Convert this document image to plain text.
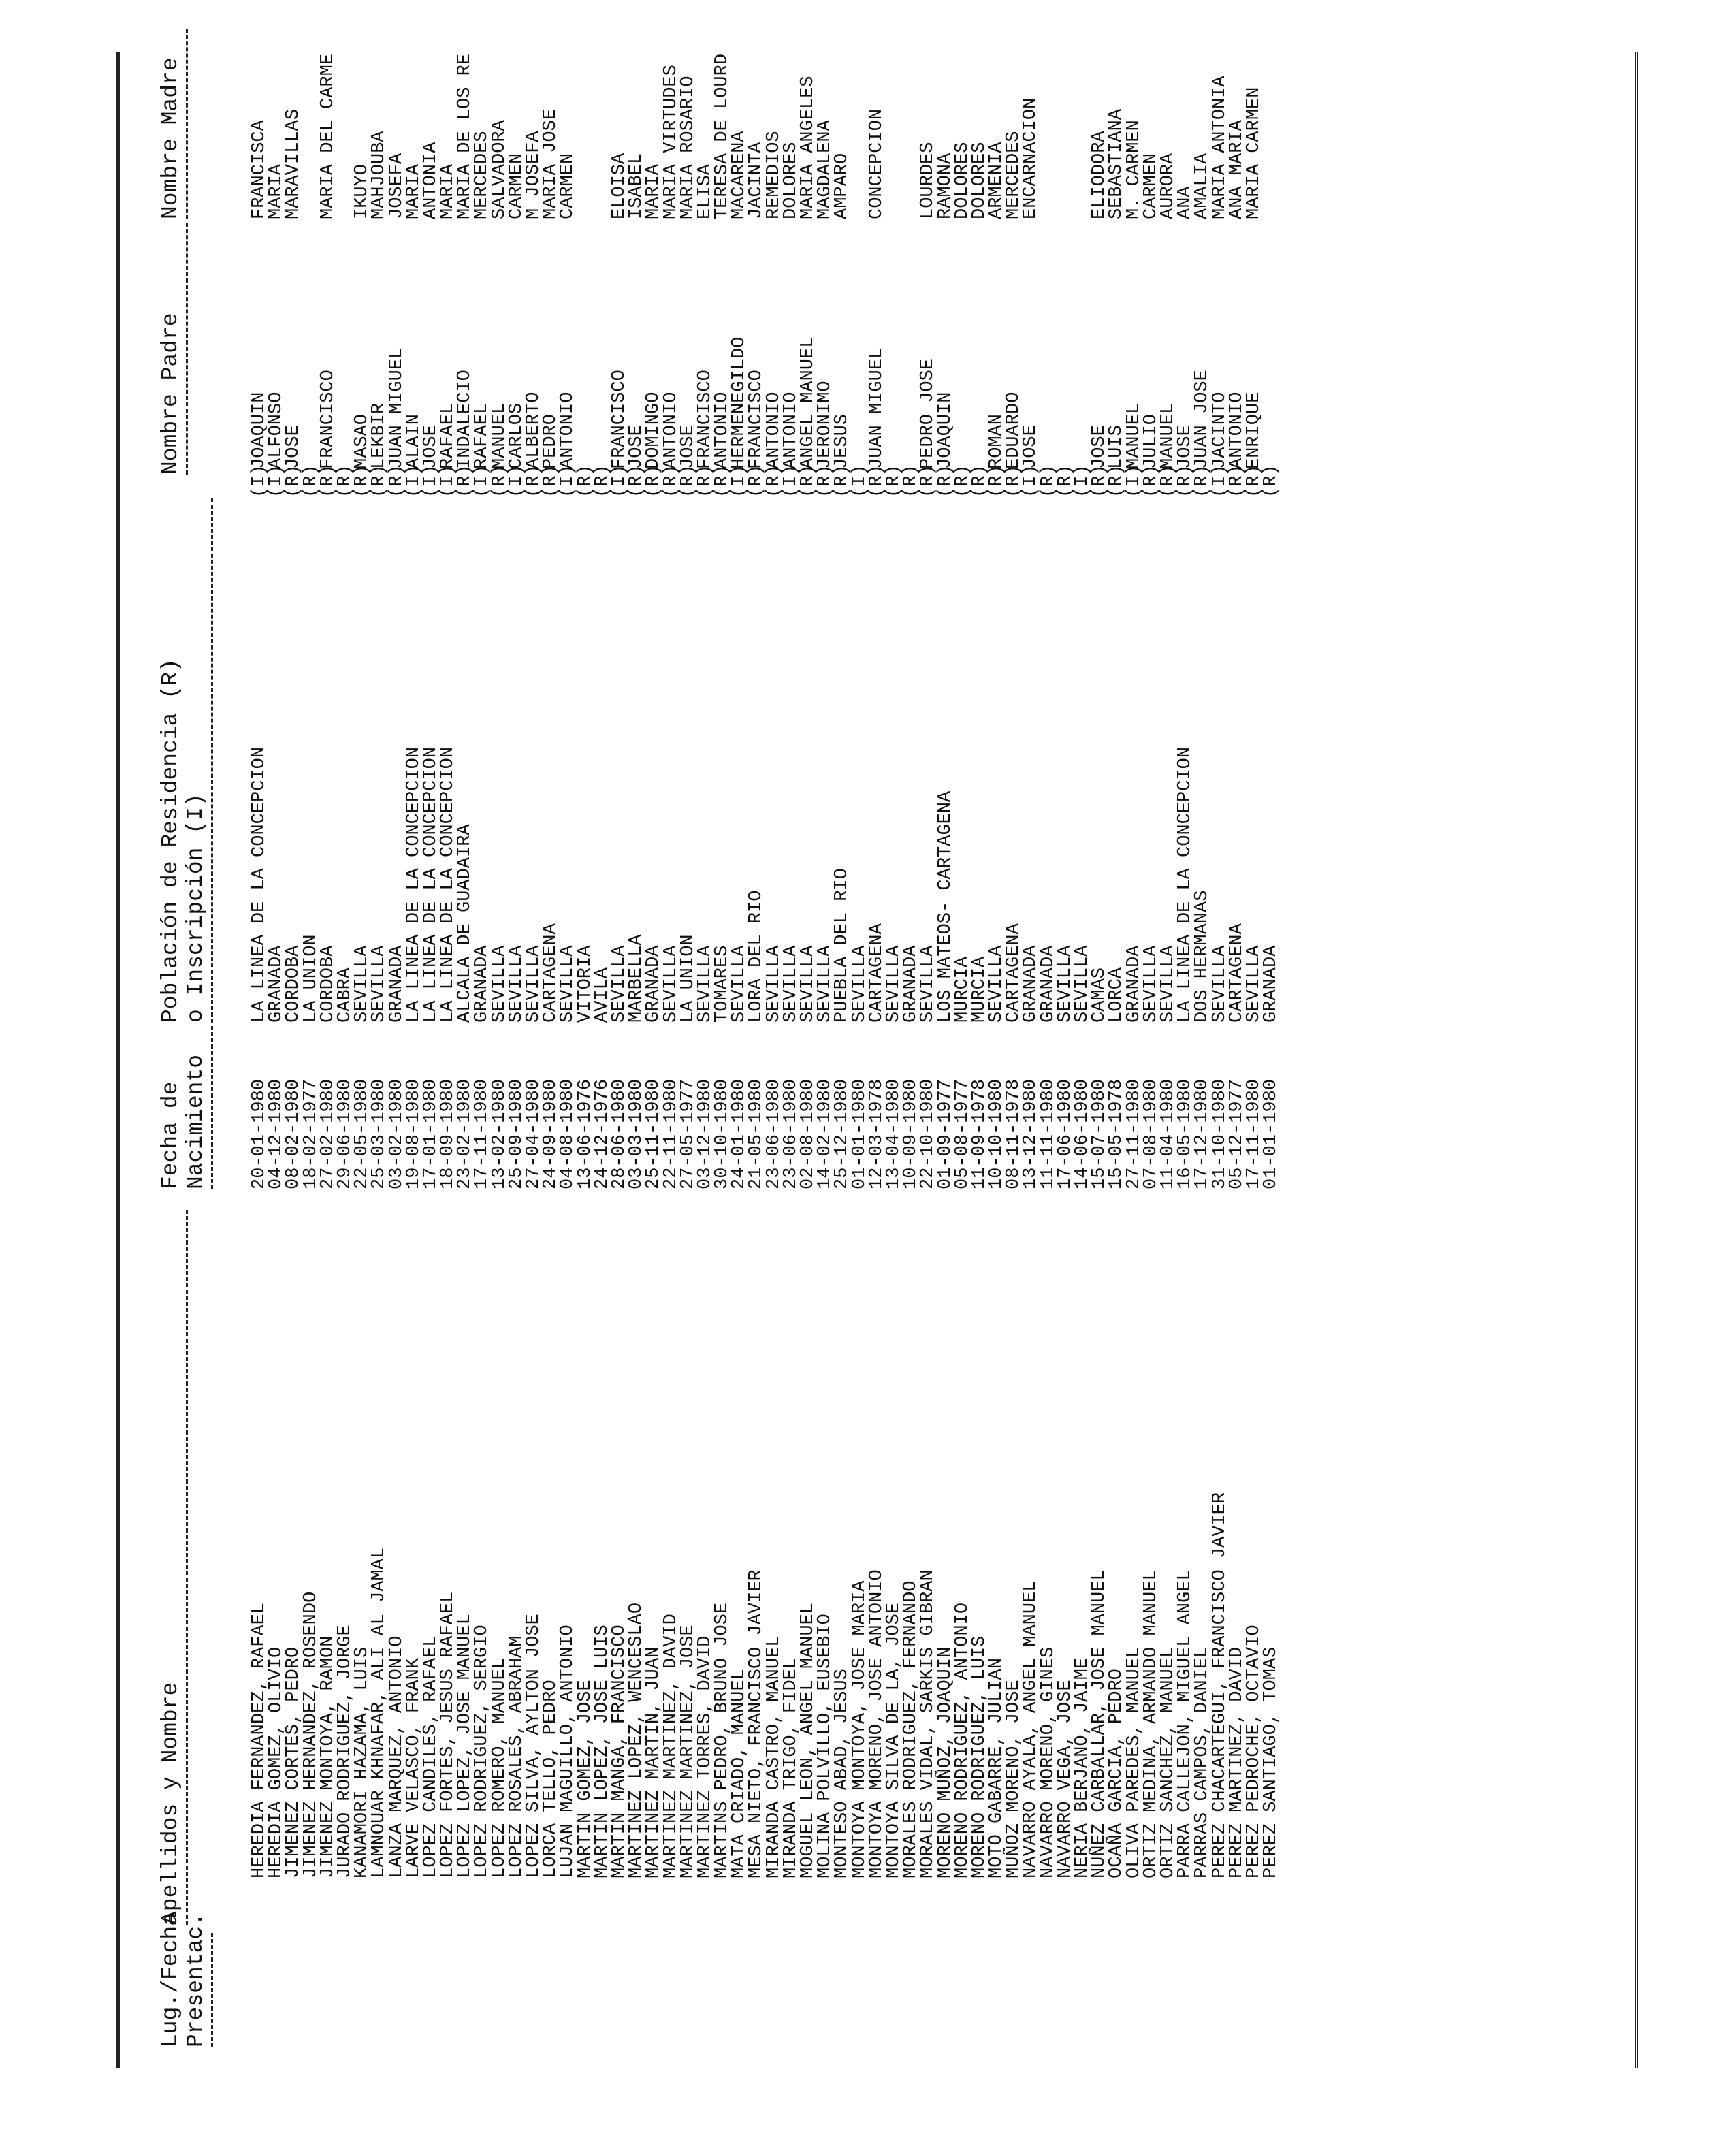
Lug./Fecha
Presentac.
Apellidos y Nombre
Fecha de
Nacimiento
Población de Residencia (R)
o Inscripción (I)
Nombre Padre
Nombre Madre
HEREDIA FERNANDEZ, RAFAEL
20-01-1980
LA LINEA DE LA CONCEPCION
(I)
JOAQUIN
FRANCISCA
HEREDIA GOMEZ, OLIVIO
04-12-1980
GRANADA
(I)
ALFONSO
MARIA
JIMENEZ CORTES, PEDRO
08-02-1980
CORDOBA
(R)
JOSE
MARAVILLAS
JIMENEZ HERNANDEZ, ROSENDO
18-02-1977
LA UNION
(R)
JIMENEZ MONTOYA, RAMON
27-02-1980
CORDOBA
(R)
FRANCISCO
MARIA DEL CARME
JURADO RODRIGUEZ, JORGE
29-06-1980
CABRA
(R)
KANAMORI HAZAMA, LUIS
22-05-1980
SEVILLA
(R)
MASAO
IKUYO
LAMNOUAR KHNAFAR, ALI AL JAMAL
25-03-1980
SEVILLA
(R)
LEKBIR
MAHJOUBA
LANZA MARQUEZ, ANTONIO
03-02-1980
GRANADA
(R)
JUAN MIGUEL
JOSEFA
LARVE VELASCO, FRANK
19-08-1980
LA LINEA DE LA CONCEPCION
(I)
ALAIN
MARIA
LOPEZ CANDILES, RAFAEL
17-01-1980
LA LINEA DE LA CONCEPCION
(I)
JOSE
ANTONIA
LOPEZ FORTES, JESUS RAFAEL
18-09-1980
LA LINEA DE LA CONCEPCION
(I)
RAFAEL
MARIA
LOPEZ LOPEZ, JOSE MANUEL
23-02-1980
ALCALA DE GUADAIRA
(R)
INDALECIO
MARIA DE LOS RE
LOPEZ RODRIGUEZ, SERGIO
17-11-1980
GRANADA
(I)
RAFAEL
MERCEDES
LOPEZ ROMERO, MANUEL
13-02-1980
SEVILLA
(R)
MANUEL
SALVADORA
LOPEZ ROSALES, ABRAHAM
25-09-1980
SEVILLA
(I)
CARLOS
CARMEN
LOPEZ SILVA, AYLTON JOSE
27-04-1980
SEVILLA
(R)
ALBERTO
M JOSEFA
LORCA TELLO, PEDRO
24-09-1980
CARTAGENA
(R)
PEDRO
MARIA JOSE
LUJAN MAGUILLO, ANTONIO
04-08-1980
SEVILLA
(I)
ANTONIO
CARMEN
MARTIN GOMEZ, JOSE
13-06-1976
VITORIA
(R)
MARTIN LOPEZ, JOSE LUIS
24-12-1976
AVILA
(R)
MARTIN MANGA, FRANCISCO
28-06-1980
SEVILLA
(I)
FRANCISCO
ELOISA
MARTINEZ LOPEZ, WENCESLAO
03-03-1980
MARBELLA
(R)
JOSE
ISABEL
MARTINEZ MARTIN, JUAN
25-11-1980
GRANADA
(R)
DOMINGO
MARIA
MARTINEZ MARTINEZ, DAVID
22-11-1980
SEVILLA
(R)
ANTONIO
MARIA VIRTUDES
MARTINEZ MARTINEZ, JOSE
27-05-1977
LA UNION
(R)
JOSE
MARIA ROSARIO
MARTINEZ TORRES, DAVID
03-12-1980
SEVILLA
(R)
FRANCISCO
ELISA
MARTINS PEDRO, BRUNO JOSE
30-10-1980
TOMARES
(R)
ANTONIO
TERESA DE LOURD
MATA CRIADO, MANUEL
24-01-1980
SEVILLA
(I)
HERMENEGILDO
MACARENA
MESA NIETO, FRANCISCO JAVIER
21-05-1980
LORA DEL RIO
(R)
FRANCISCO
JACINTA
MIRANDA CASTRO, MANUEL
23-06-1980
SEVILLA
(R)
ANTONIO
REMEDIOS
MIRANDA TRIGO, FIDEL
23-06-1980
SEVILLA
(I)
ANTONIO
DOLORES
MOGUEL LEON, ANGEL MANUEL
02-08-1980
SEVILLA
(R)
ANGEL MANUEL
MARIA ANGELES
MOLINA POLVILLO, EUSEBIO
14-02-1980
SEVILLA
(R)
JERONIMO
MAGDALENA
MONTESO ABAD, JESUS
25-12-1980
PUEBLA DEL RIO
(R)
JESUS
AMPARO
MONTOYA MONTOYA, JOSE MARIA
01-01-1980
SEVILLA
(I)
MONTOYA MORENO, JOSE ANTONIO
12-03-1978
CARTAGENA
(R)
JUAN MIGUEL
CONCEPCION
MONTOYA SILVA DE LA, JOSE
13-04-1980
SEVILLA
(R)
MORALES RODRIGUEZ, FERNANDO
10-09-1980
GRANADA
(R)
MORALES VIDAL, SARKIS GIBRAN
22-10-1980
SEVILLA
(R)
PEDRO JOSE
LOURDES
MORENO MUÑOZ, JOAQUIN
01-09-1977
LOS MATEOS- CARTAGENA
(R)
JOAQUIN
RAMONA
MORENO RODRIGUEZ, ANTONIO
05-08-1977
MURCIA
(R)
DOLORES
MORENO RODRIGUEZ, LUIS
11-09-1978
MURCIA
(R)
DOLORES
MOTO GABARRE, JULIAN
10-10-1980
SEVILLA
(R)
ROMAN
ARMENIA
MUÑOZ MORENO, JOSE
08-11-1978
CARTAGENA
(R)
EDUARDO
MERCEDES
NAVARRO AYALA, ANGEL MANUEL
13-12-1980
GRANADA
(I)
JOSE
ENCARNACION
NAVARRO MORENO, GINES
11-11-1980
GRANADA
(R)
NAVARRO VEGA, JOSE
17-06-1980
SEVILLA
(R)
NERIA BERJANO, JAIME
14-06-1980
SEVILLA
(I)
NUÑEZ CARBALLAR, JOSE MANUEL
15-07-1980
CAMAS
(R)
JOSE
ELIODORA
OCAÑA GARCIA, PEDRO
15-05-1978
LORCA
(R)
LUIS
SEBASTIANA
OLIVA PAREDES, MANUEL
27-11-1980
GRANADA
(I)
MANUEL
M. CARMEN
ORTIZ MEDINA, ARMANDO MANUEL
07-08-1980
SEVILLA
(R)
JULIO
CARMEN
ORTIZ SANCHEZ, MANUEL
11-04-1980
SEVILLA
(R)
MANUEL
AURORA
PARRA CALLEJON, MIGUEL ANGEL
16-05-1980
LA LINEA DE LA CONCEPCION
(R)
JOSE
ANA
PARRAS CAMPOS, DANIEL
17-12-1980
DOS HERMANAS
(R)
JUAN JOSE
AMALIA
PEREZ CHACARTEGUI, FRANCISCO JAVIER
31-10-1980
SEVILLA
(I)
JACINTO
MARIA ANTONIA
PEREZ MARTINEZ, DAVID
05-12-1977
CARTAGENA
(R)
ANTONIO
ANA MARIA
PEREZ PEDROCHE, OCTAVIO
17-11-1980
SEVILLA
(R)
ENRIQUE
MARIA CARMEN
PEREZ SANTIAGO, TOMAS
01-01-1980
GRANADA
(R)
